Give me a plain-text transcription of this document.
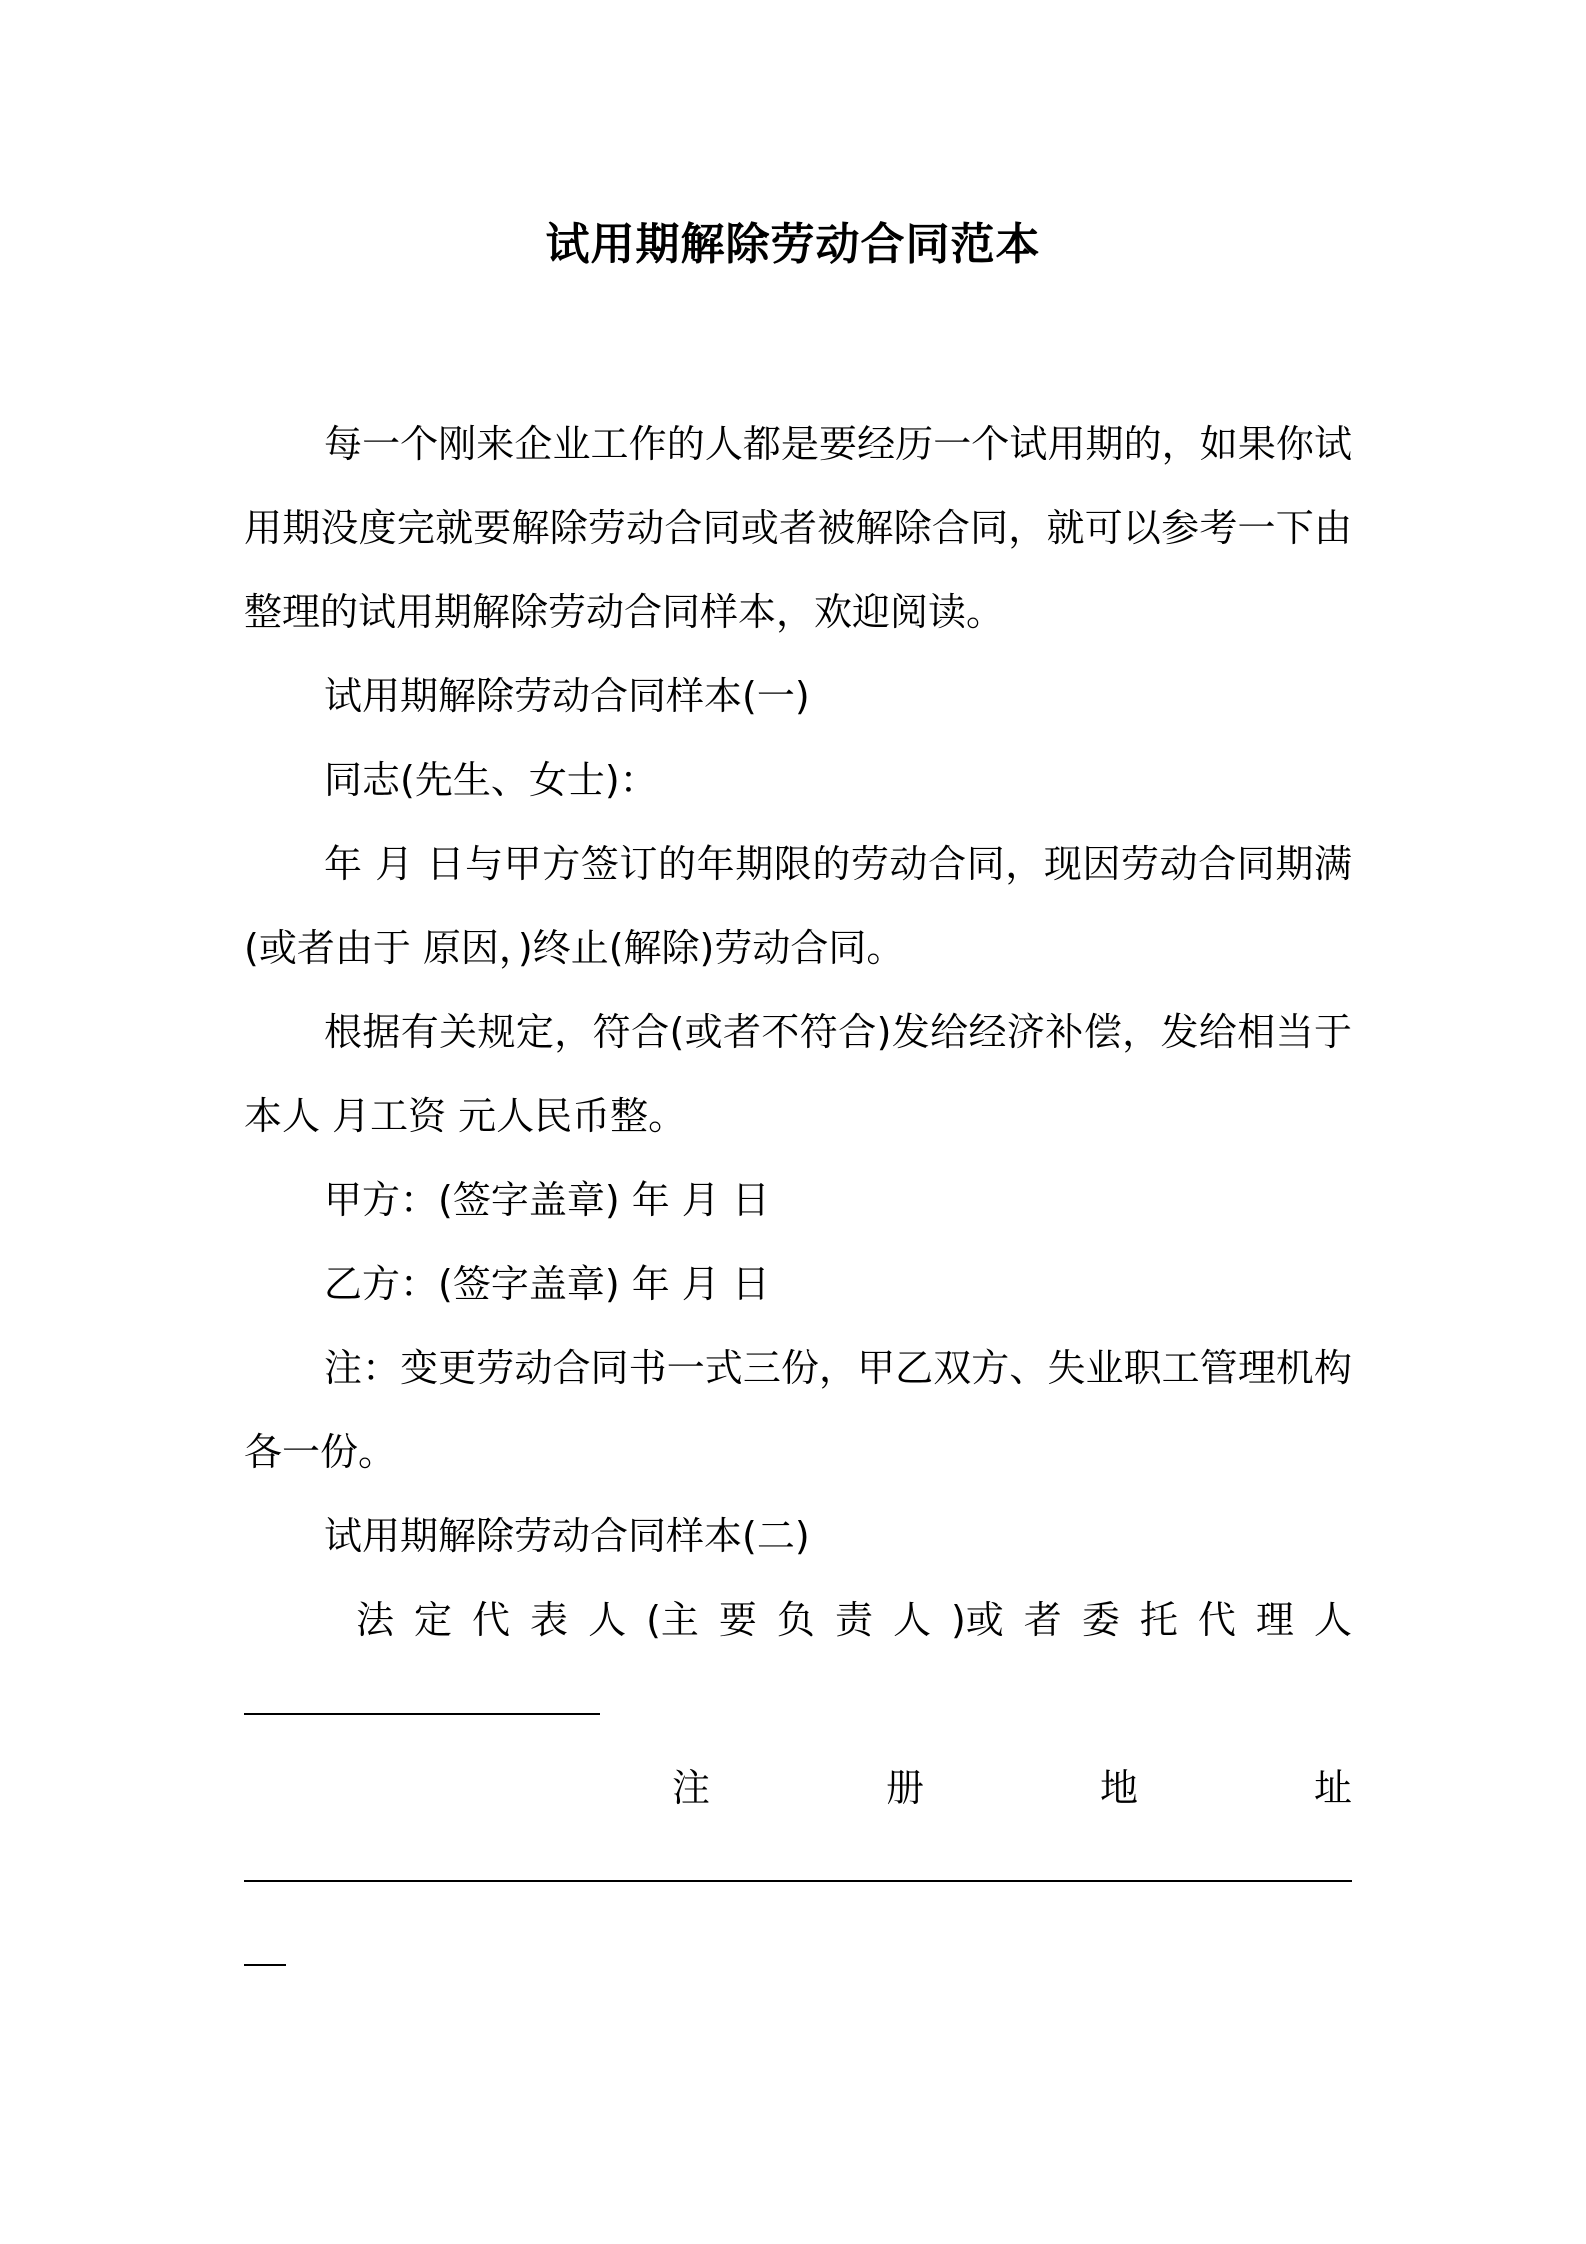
试用期解除劳动合同范本

每一个刚来企业工作的人都是要经历一个试用期的，如果你试用期没度完就要解除劳动合同或者被解除合同，就可以参考一下由整理的试用期解除劳动合同样本，欢迎阅读。

试用期解除劳动合同样本(一)
同志(先生、女士)：

年 月 日与甲方签订的年期限的劳动合同，现因劳动合同期满(或者由于 原因，)终止(解除)劳动合同。

根据有关规定，符合(或者不符合)发给经济补偿，发给相当于本人 月工资 元人民币整。

甲方：(签字盖章) 年 月 日
乙方：(签字盖章) 年 月 日

注：变更劳动合同书一式三份，甲乙双方、失业职工管理机构各一份。

试用期解除劳动合同样本(二)
法 定 代 表 人 (主 要 负 责 人 )或 者 委 托 代 理 人
注	册	地	址
